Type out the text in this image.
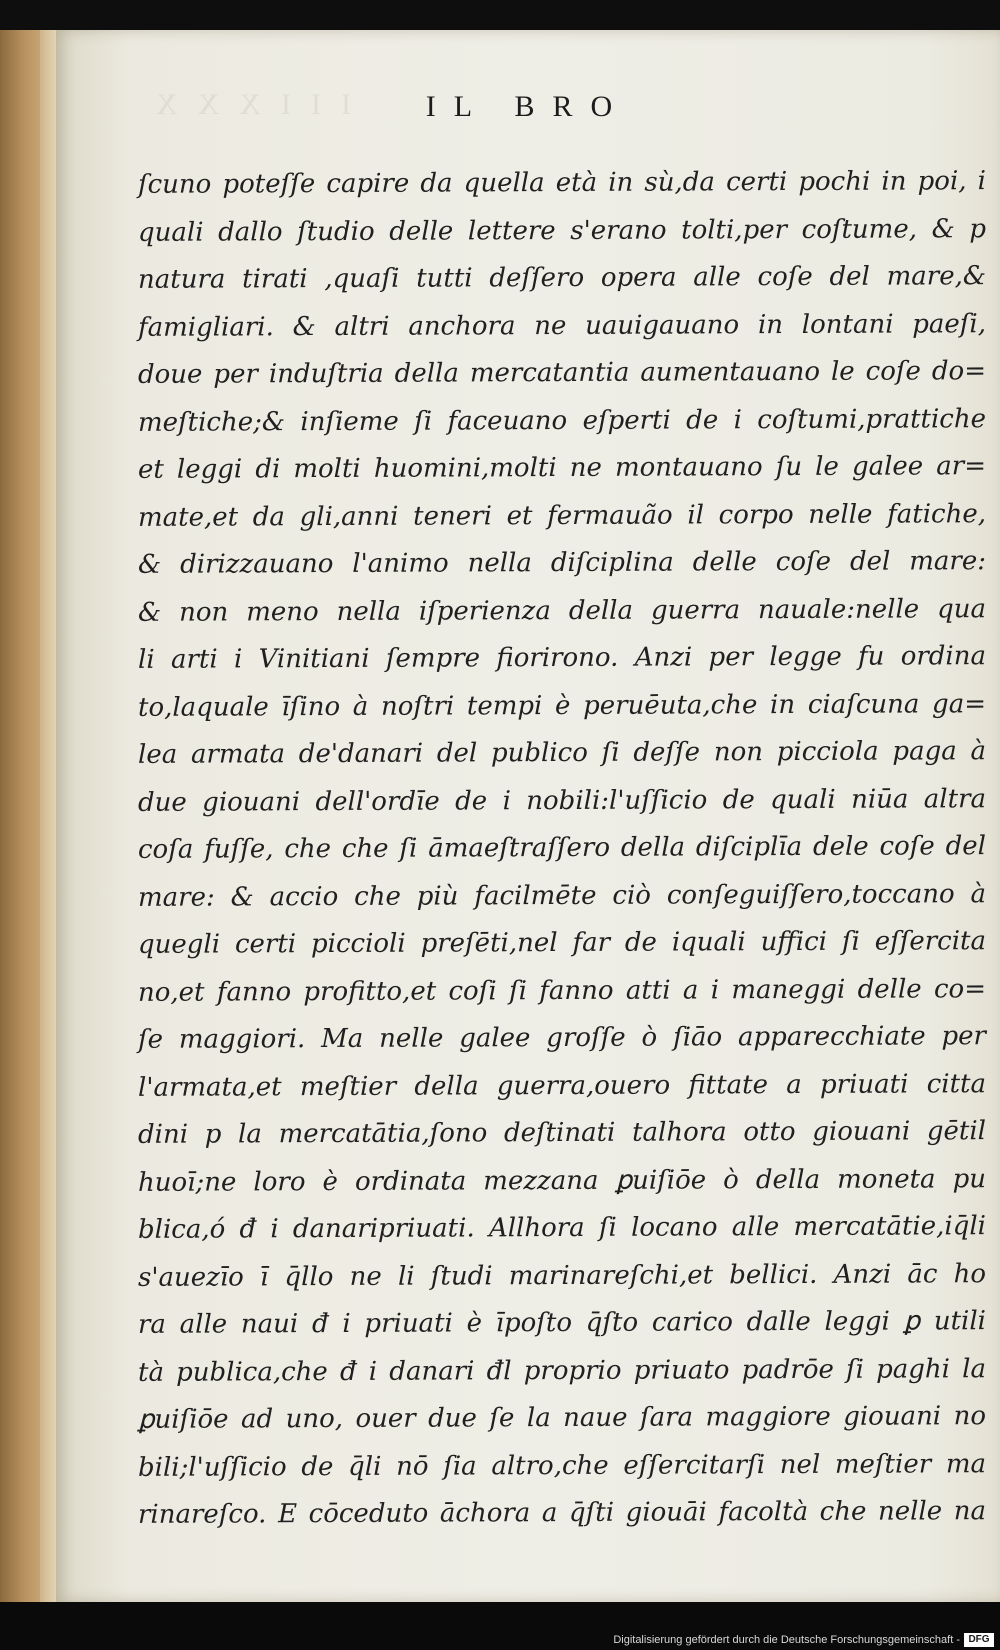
IIIXXX	IL BRO

ſcuno poteſſe capire da quella età in sù,da certi pochi in poi, i

quali dallo ſtudio delle lettere s'erano tolti,per coſtume, & p

natura tirati ,quaſi tutti deſſero opera alle coſe del mare,&

famigliari. & altri anchora ne uauigauano in lontani paeſi,

doue per induſtria della mercatantia aumentauano le coſe do=

meſtiche;& inſieme ſi faceuano eſperti de i coſtumi,prattiche

et leggi di molti huomini,molti ne montauano ſu le galee ar=

mate,et da gli,anni teneri et fermauão il corpo nelle fatiche,

& dirizzauano l'animo nella diſciplina delle coſe del mare:

& non meno nella iſperienza della guerra nauale:nelle qua

li arti i Vinitiani ſempre fiorirono. Anzi per legge fu ordina

to,laquale īſino à noſtri tempi è peruēuta,che in ciaſcuna ga=

lea armata de'danari del publico ſi deſſe non picciola paga à

due giouani dell'ordīe de i nobili:l'uſſicio de quali niūa altra

coſa fuſſe, che che ſi āmaeſtraſſero della diſciplīa dele coſe del

mare: & accio che più facilmēte ciò conſeguiſſero,toccano à

quegli certi piccioli preſēti,nel far de iquali uffici ſi eſſercita

no,et fanno profitto,et coſi ſi fanno atti a i maneggi delle co=

ſe maggiori. Ma nelle galee groſſe ò ſiāo apparecchiate per

l'armata,et meſtier della guerra,ouero fittate a priuati citta

dini p la mercatātia,ſono deſtinati talhora otto giouani gētil

huoī;ne loro è ordinata mezzana ꝑuiſiōe ò della moneta pu

blica,ó đ i danaripriuati. Allhora ſi locano alle mercatātie,iq̄li

s'auezīo ī q̄llo ne li ſtudi marinareſchi,et bellici. Anzi āc ho

ra alle naui đ i priuati è īpoſto q̄ſto carico dalle leggi ꝑ utili

tà publica,che đ i danari đl proprio priuato padrōe ſi paghi la

ꝑuiſiōe ad uno, ouer due ſe la naue ſara maggiore giouani no

bili;l'uſſicio de q̄li nō ſia altro,che eſſercitarſi nel meſtier ma

rinareſco. E cōceduto āchora a q̄ſti giouāi facoltà che nelle na

Digitalisierung gefördert durch die Deutsche Forschungsgemeinschaft - DFG
